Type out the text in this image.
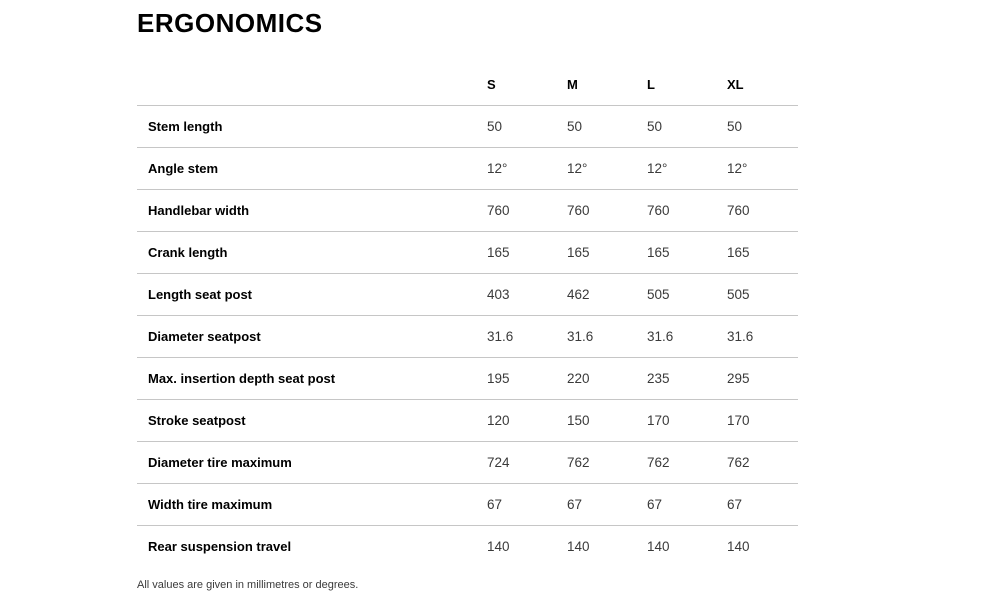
ERGONOMICS
	S	M	L	XL
Stem length	50	50	50	50
Angle stem	12°	12°	12°	12°
Handlebar width	760	760	760	760
Crank length	165	165	165	165
Length seat post	403	462	505	505
Diameter seatpost	31.6	31.6	31.6	31.6
Max. insertion depth seat post	195	220	235	295
Stroke seatpost	120	150	170	170
Diameter tire maximum	724	762	762	762
Width tire maximum	67	67	67	67
Rear suspension travel	140	140	140	140

All values are given in millimetres or degrees.
